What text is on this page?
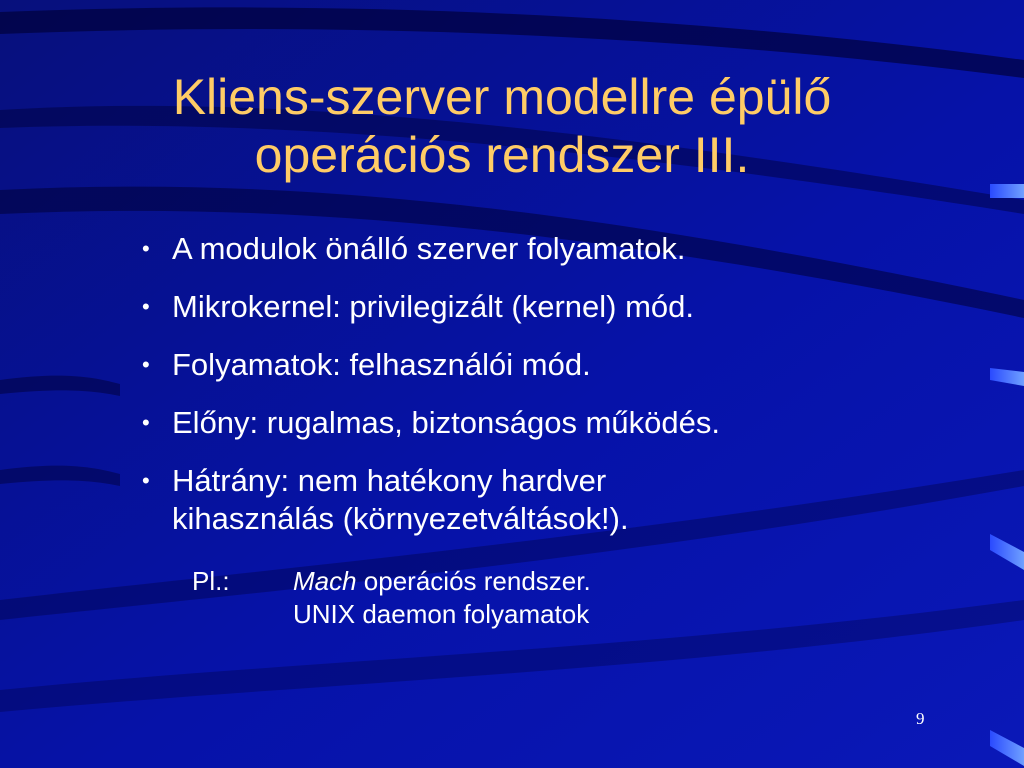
Kliens-szerver modellre épülő
operációs rendszer III.
• A modulok önálló szerver folyamatok.
• Mikrokernel: privilegizált (kernel) mód.
• Folyamatok: felhasználói mód.
• Előny: rugalmas, biztonságos működés.
• Hátrány: nem hatékony hardver
kihasználás (környezetváltások!).
Pl.: Mach operációs rendszer.
UNIX daemon folyamatok
9
